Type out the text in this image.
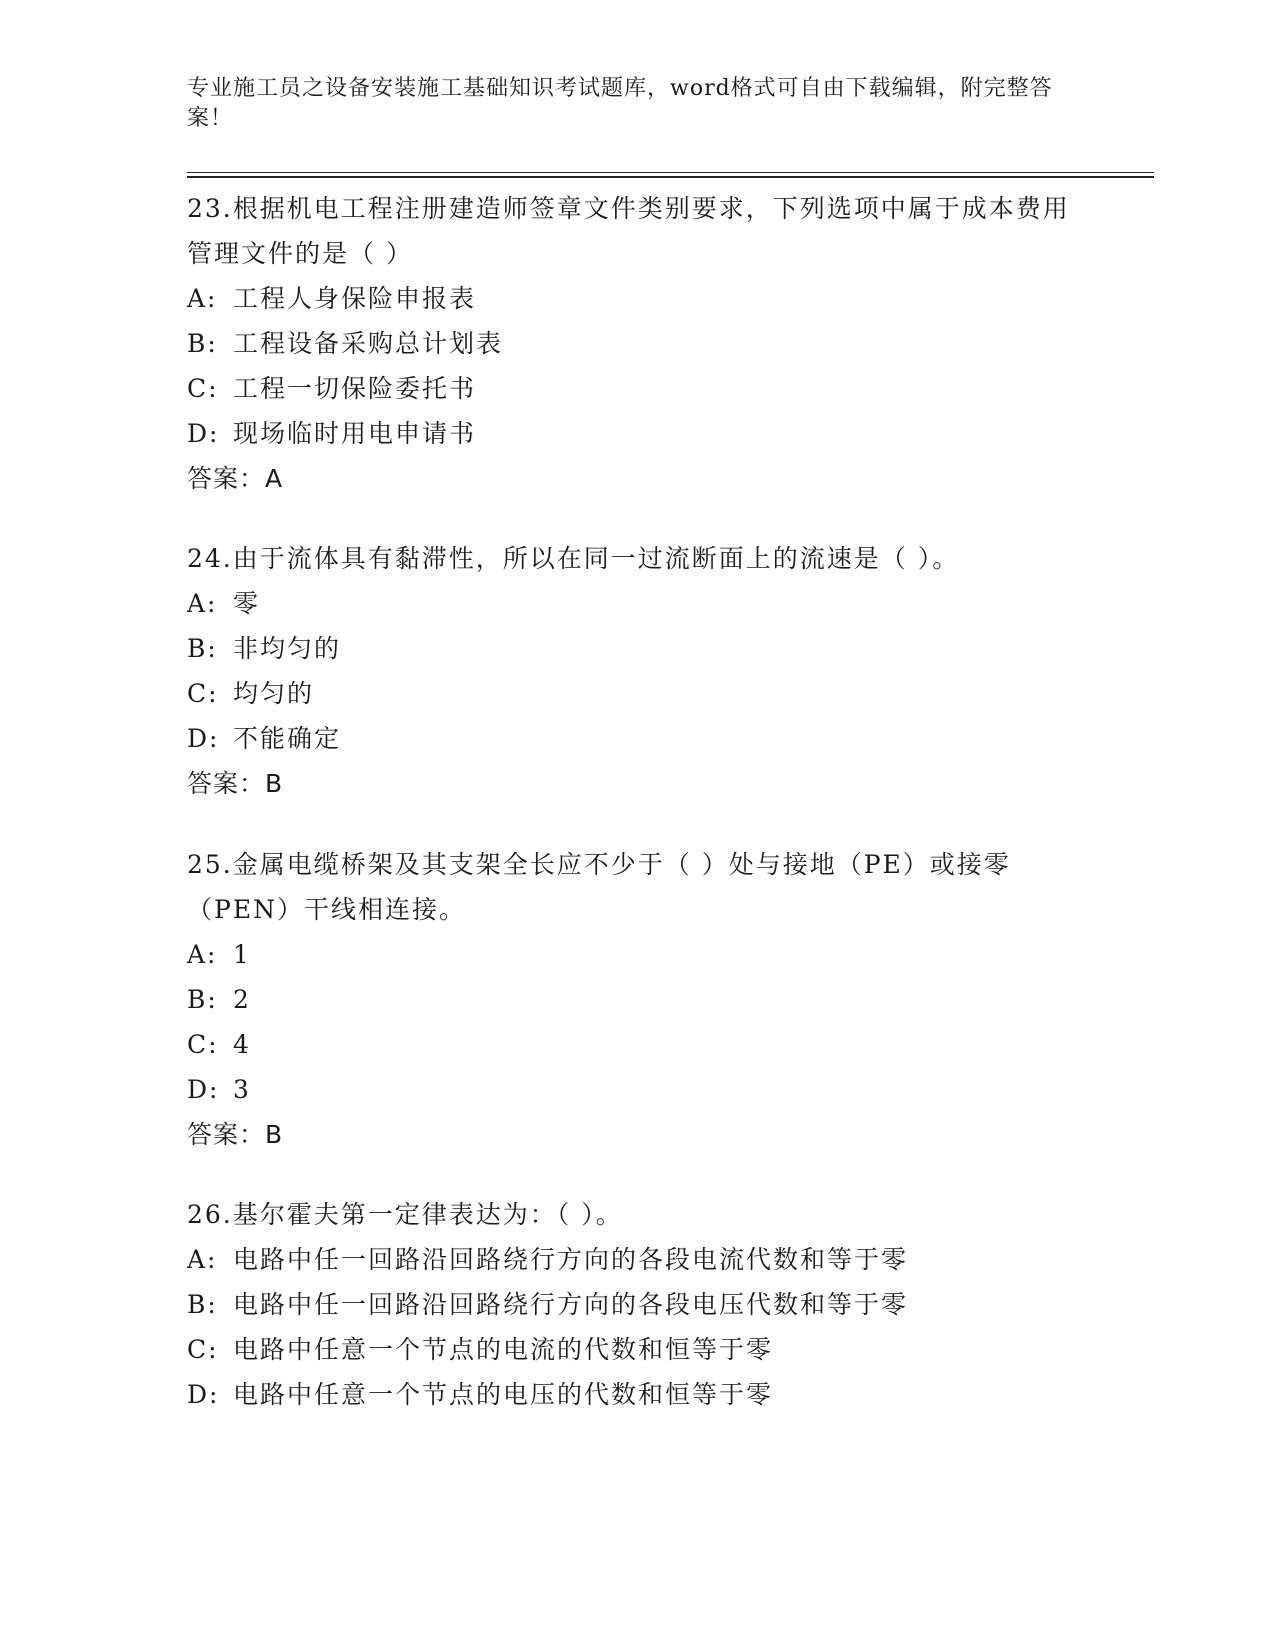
专业施工员之设备安装施工基础知识考试题库，word格式可自由下载编辑，附完整答案！
23.根据机电工程注册建造师签章文件类别要求，下列选项中属于成本费用管理文件的是（ ）
A: 工程人身保险申报表
B: 工程设备采购总计划表
C: 工程一切保险委托书
D: 现场临时用电申请书
答案：A
24.由于流体具有黏滞性，所以在同一过流断面上的流速是（ ）。
A: 零
B: 非均匀的
C: 均匀的
D: 不能确定
答案：B
25.金属电缆桥架及其支架全长应不少于（ ）处与接地（PE）或接零（PEN）干线相连接。
A: 1
B: 2
C: 4
D: 3
答案：B
26.基尔霍夫第一定律表达为：（ ）。
A: 电路中任一回路沿回路绕行方向的各段电流代数和等于零
B: 电路中任一回路沿回路绕行方向的各段电压代数和等于零
C: 电路中任意一个节点的电流的代数和恒等于零
D: 电路中任意一个节点的电压的代数和恒等于零
